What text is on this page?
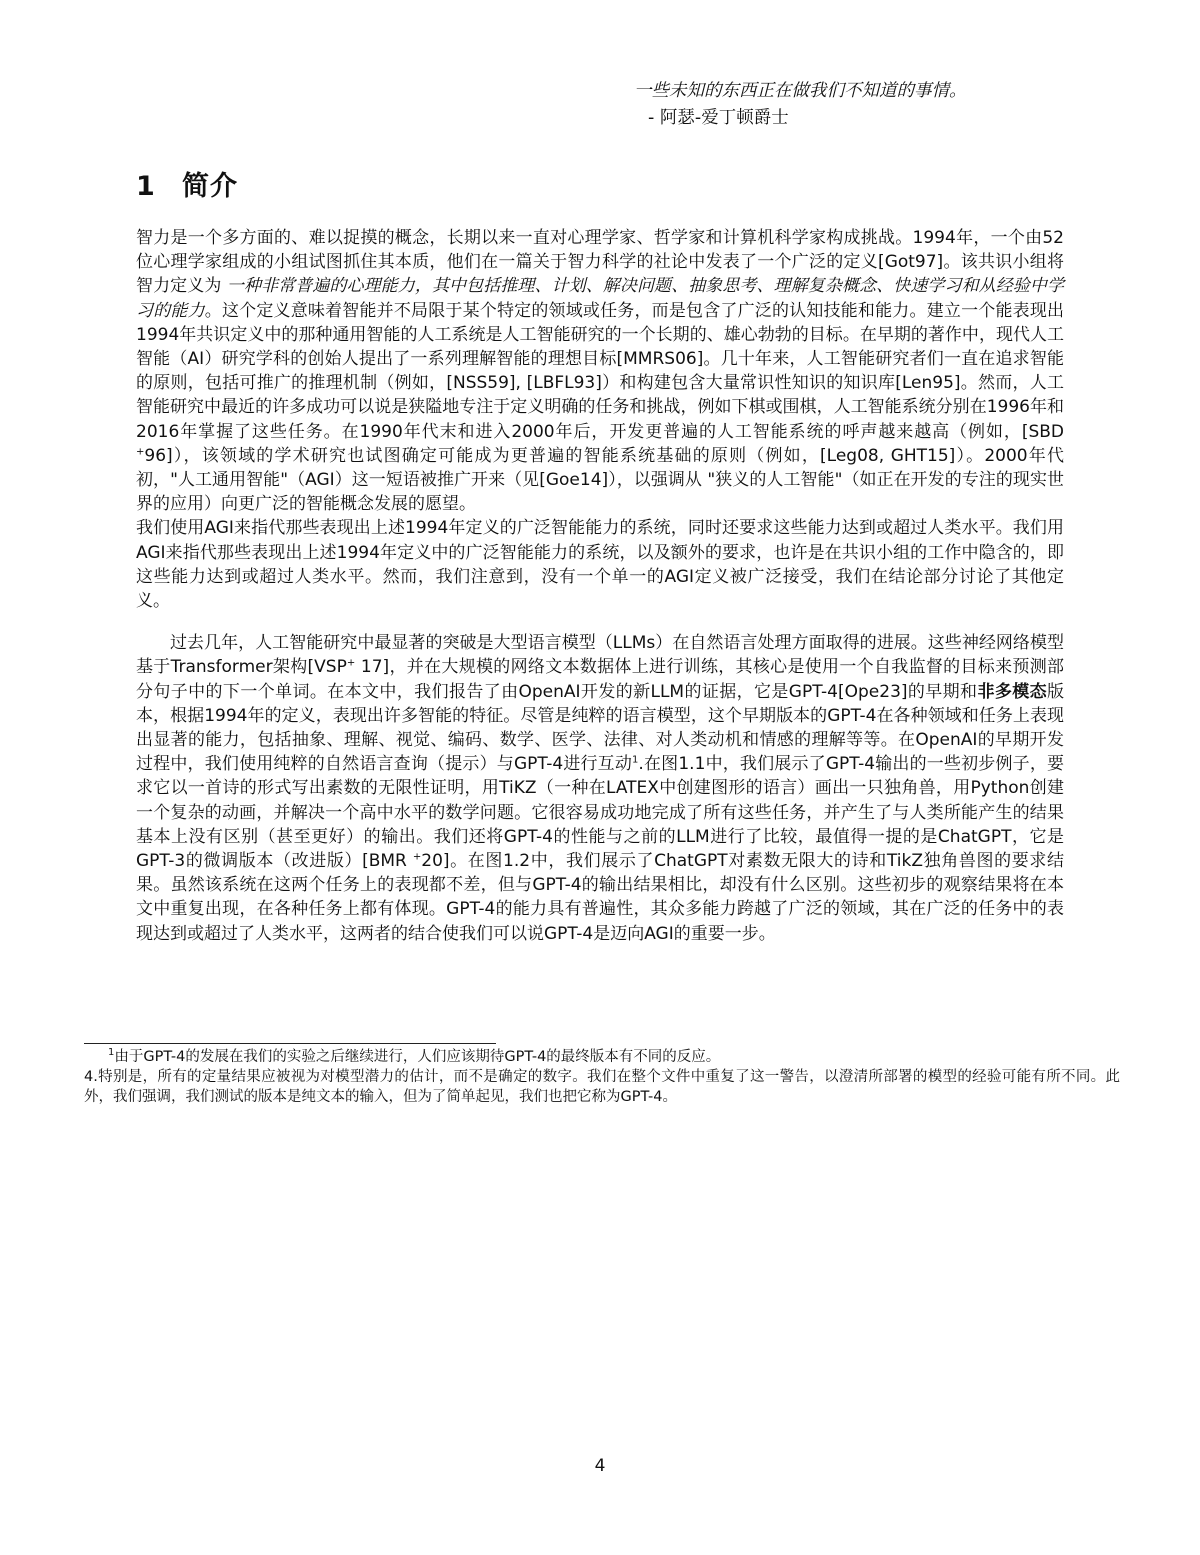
一些未知的东西正在做我们不知道的事情。
- 阿瑟-爱丁顿爵士
1 简介

智力是一个多方面的、难以捉摸的概念，长期以来一直对心理学家、哲学家和计算机科学家构成挑战。1994年，一个由52位心理学家组成的小组试图抓住其本质，他们在一篇关于智力科学的社论中发表了一个广泛的定义[Got97]。该共识小组将智力定义为 一种非常普遍的心理能力，其中包括推理、计划、解决问题、抽象思考、理解复杂概念、快速学习和从经验中学习的能力。这个定义意味着智能并不局限于某个特定的领域或任务，而是包含了广泛的认知技能和能力。建立一个能表现出1994年共识定义中的那种通用智能的人工系统是人工智能研究的一个长期的、雄心勃勃的目标。在早期的著作中，现代人工智能（AI）研究学科的创始人提出了一系列理解智能的理想目标[MMRS06]。几十年来，人工智能研究者们一直在追求智能的原则，包括可推广的推理机制（例如，[NSS59], [LBFL93]）和构建包含大量常识性知识的知识库[Len95]。然而，人工智能研究中最近的许多成功可以说是狭隘地专注于定义明确的任务和挑战，例如下棋或围棋，人工智能系统分别在1996年和2016年掌握了这些任务。在1990年代末和进入2000年后，开发更普遍的人工智能系统的呼声越来越高（例如，[SBD +96]），该领域的学术研究也试图确定可能成为更普遍的智能系统基础的原则（例如，[Leg08, GHT15]）。2000年代初，"人工通用智能"（AGI）这一短语被推广开来（见[Goe14]），以强调从 "狭义的人工智能"（如正在开发的专注的现实世界的应用）向更广泛的智能概念发展的愿望。

我们使用AGI来指代那些表现出上述1994年定义的广泛智能能力的系统，同时还要求这些能力达到或超过人类水平。我们用AGI来指代那些表现出上述1994年定义中的广泛智能能力的系统，以及额外的要求，也许是在共识小组的工作中隐含的，即这些能力达到或超过人类水平。然而，我们注意到，没有一个单一的AGI定义被广泛接受，我们在结论部分讨论了其他定义。

过去几年，人工智能研究中最显著的突破是大型语言模型（LLMs）在自然语言处理方面取得的进展。这些神经网络模型基于Transformer架构[VSP+ 17]，并在大规模的网络文本数据体上进行训练，其核心是使用一个自我监督的目标来预测部分句子中的下一个单词。在本文中，我们报告了由OpenAI开发的新LLM的证据，它是GPT-4[Ope23]的早期和非多模态版本，根据1994年的定义，表现出许多智能的特征。尽管是纯粹的语言模型，这个早期版本的GPT-4在各种领域和任务上表现出显著的能力，包括抽象、理解、视觉、编码、数学、医学、法律、对人类动机和情感的理解等等。在OpenAI的早期开发过程中，我们使用纯粹的自然语言查询（提示）与GPT-4进行互动$^1$.在图1.1中，我们展示了GPT-4输出的一些初步例子，要求它以一首诗的形式写出素数的无限性证明，用TiKZ（一种在LATEX中创建图形的语言）画出一只独角兽，用Python创建一个复杂的动画，并解决一个高中水平的数学问题。它很容易成功地完成了所有这些任务，并产生了与人类所能产生的结果基本上没有区别（甚至更好）的输出。我们还将GPT-4的性能与之前的LLM进行了比较，最值得一提的是ChatGPT，它是GPT-3的微调版本（改进版）[BMR +20]。在图1.2中，我们展示了ChatGPT对素数无限大的诗和TikZ独角兽图的要求结果。虽然该系统在这两个任务上的表现都不差，但与GPT-4的输出结果相比，却没有什么区别。这些初步的观察结果将在本文中重复出现，在各种任务上都有体现。GPT-4的能力具有普遍性，其众多能力跨越了广泛的领域，其在广泛的任务中的表现达到或超过了人类水平，这两者的结合使我们可以说GPT-4是迈向AGI的重要一步。

$^1$由于GPT-4的发展在我们的实验之后继续进行，人们应该期待GPT-4的最终版本有不同的反应。

4.特别是，所有的定量结果应被视为对模型潜力的估计，而不是确定的数字。我们在整个文件中重复了这一警告，以澄清所部署的模型的经验可能有所不同。此外，我们强调，我们测试的版本是纯文本的输入，但为了简单起见，我们也把它称为GPT-4。

4
